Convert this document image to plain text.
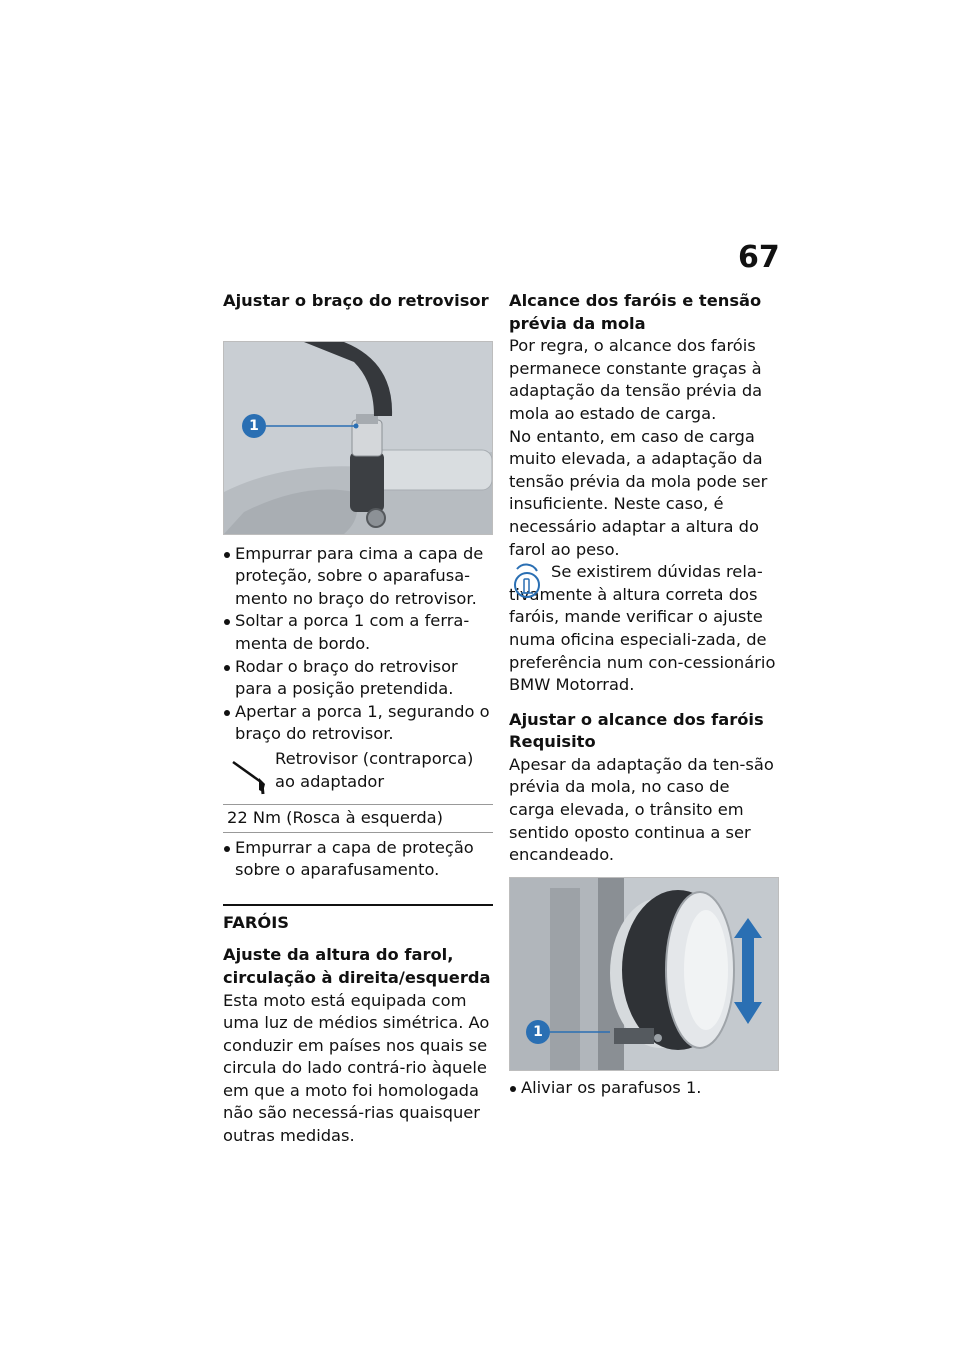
67
Ajustar o braço do retrovisor
1
Empurrar para cima a capa de proteção, sobre o aparafusa-mento no braço do retrovisor.
Soltar a porca 1 com a ferra-menta de bordo.
Rodar o braço do retrovisor para a posição pretendida.
Apertar a porca 1, segurando o braço do retrovisor.
Retrovisor (contraporca) ao adaptador
22 Nm (Rosca à esquerda)
Empurrar a capa de proteção sobre o aparafusamento.
FARÓIS
Ajuste da altura do farol, circulação à direita/esquerda

Esta moto está equipada com uma luz de médios simétrica. Ao conduzir em países nos quais se circula do lado contrá-rio àquele em que a moto foi homologada não são necessá-rias quaisquer outras medidas.

Alcance dos faróis e tensão prévia da mola

Por regra, o alcance dos faróis permanece constante graças à adaptação da tensão prévia da mola ao estado de carga.

No entanto, em caso de carga muito elevada, a adaptação da tensão prévia da mola pode ser insuficiente. Neste caso, é necessário adaptar a altura do farol ao peso.

Se existirem dúvidas rela-tivamente à altura correta dos faróis, mande verificar o ajuste numa oficina especiali-zada, de preferência num con-cessionário BMW Motorrad.

Ajustar o alcance dos faróis
Requisito

Apesar da adaptação da ten-são prévia da mola, no caso de carga elevada, o trânsito em sentido oposto continua a ser encandeado.

1
Aliviar os parafusos 1.
